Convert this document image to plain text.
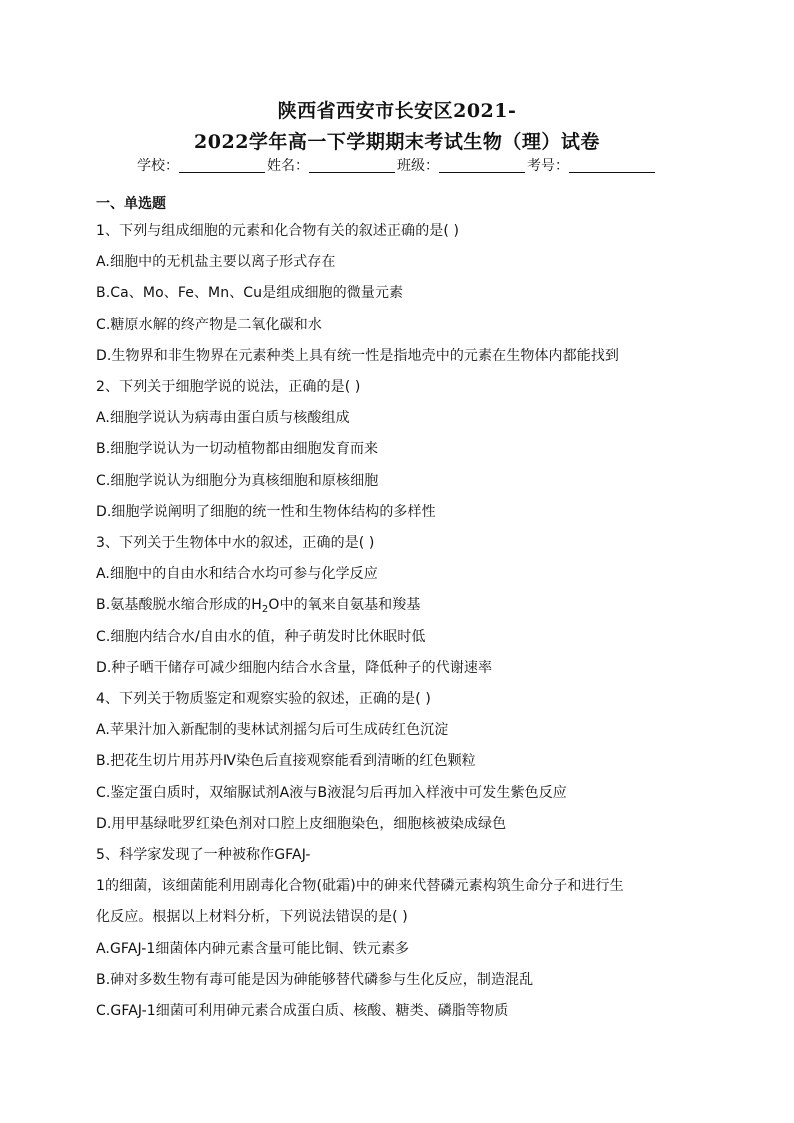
陕西省西安市长安区2021-
2022学年高一下学期期末考试生物（理）试卷
学校：	姓名：	班级：	考号：
一、单选题
1、下列与组成细胞的元素和化合物有关的叙述正确的是( )
A.细胞中的无机盐主要以离子形式存在
B.Ca、Mo、Fe、Mn、Cu是组成细胞的微量元素
C.糖原水解的终产物是二氧化碳和水
D.生物界和非生物界在元素种类上具有统一性是指地壳中的元素在生物体内都能找到
2、下列关于细胞学说的说法，正确的是( )
A.细胞学说认为病毒由蛋白质与核酸组成
B.细胞学说认为一切动植物都由细胞发育而来
C.细胞学说认为细胞分为真核细胞和原核细胞
D.细胞学说阐明了细胞的统一性和生物体结构的多样性
3、下列关于生物体中水的叙述，正确的是( )
A.细胞中的自由水和结合水均可参与化学反应
B.氨基酸脱水缩合形成的$H_2O$中的氧来自氨基和羧基
C.细胞内结合水/自由水的值，种子萌发时比休眠时低
D.种子晒干储存可减少细胞内结合水含量，降低种子的代谢速率
4、下列关于物质鉴定和观察实验的叙述，正确的是( )
A.苹果汁加入新配制的斐林试剂摇匀后可生成砖红色沉淀
B.把花生切片用苏丹Ⅳ染色后直接观察能看到清晰的红色颗粒
C.鉴定蛋白质时，双缩脲试剂A液与B液混匀后再加入样液中可发生紫色反应
D.用甲基绿吡罗红染色剂对口腔上皮细胞染色，细胞核被染成绿色
5、科学家发现了一种被称作GFAJ-
1的细菌，该细菌能利用剧毒化合物(砒霜)中的砷来代替磷元素构筑生命分子和进行生
化反应。根据以上材料分析，下列说法错误的是( )
A.GFAJ-1细菌体内砷元素含量可能比铜、铁元素多
B.砷对多数生物有毒可能是因为砷能够替代磷参与生化反应，制造混乱
C.GFAJ-1细菌可利用砷元素合成蛋白质、核酸、糖类、磷脂等物质
